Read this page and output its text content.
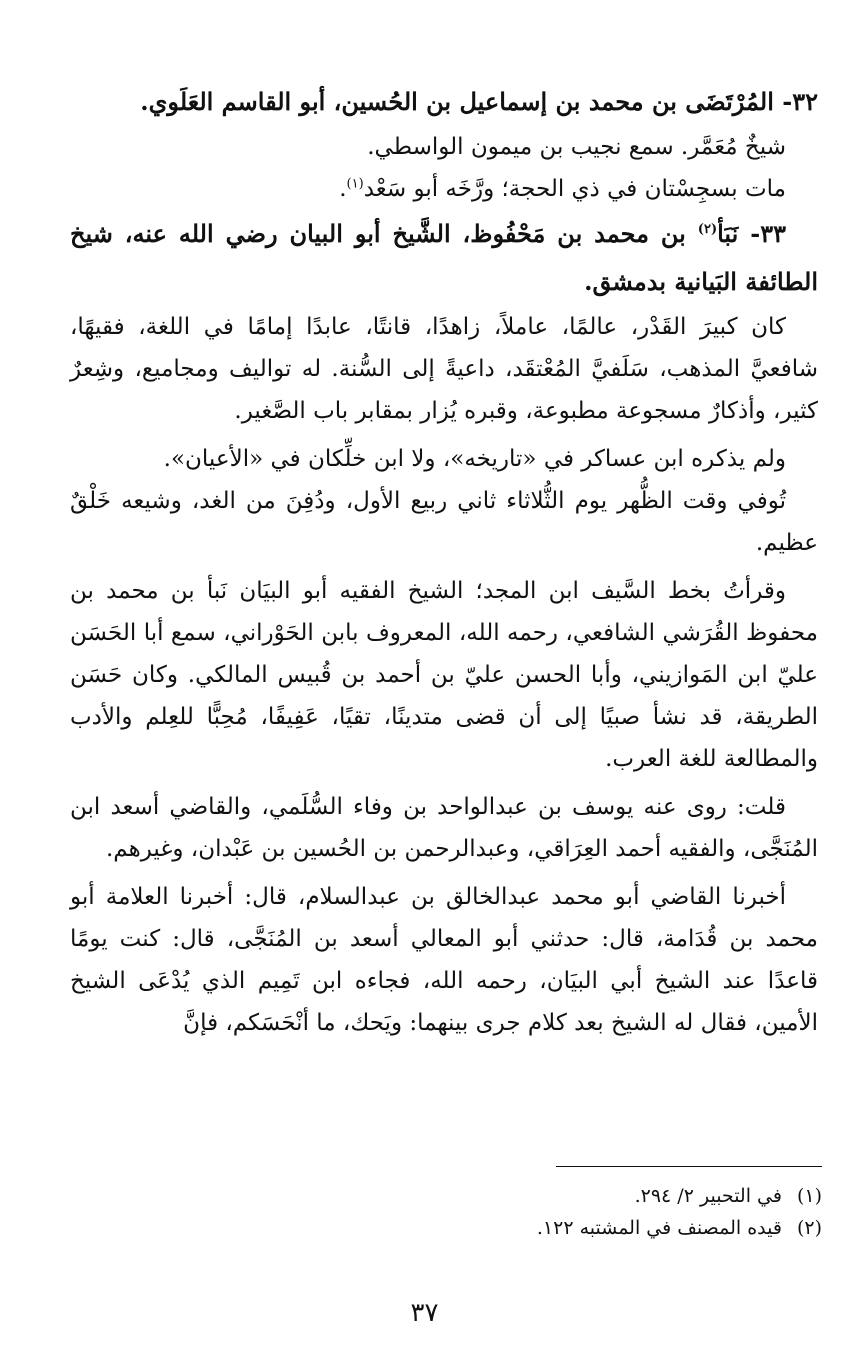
٣٢- المُرْتَضَى بن محمد بن إسماعيل بن الحُسين، أبو القاسم العَلَوي.

شيخٌ مُعَمَّر. سمع نجيب بن ميمون الواسطي.

مات بسجِسْتان في ذي الحجة؛ ورَّخَه أبو سَعْد$^{(١)}$.

٣٣- نَبَأ$^{(٢)}$ بن محمد بن مَحْفُوظ، الشَّيخ أبو البيان رضي الله عنه، شيخ الطائفة البَيانية بدمشق.

كان كبيرَ القَدْر، عالمًا، عاملاً، زاهدًا، قانتًا، عابدًا إمامًا في اللغة، فقيهًا، شافعيَّ المذهب، سَلَفيَّ المُعْتقَد، داعيةً إلى السُّنة. له تواليف ومجاميع، وشِعرٌ كثير، وأذكارٌ مسجوعة مطبوعة، وقبره يُزار بمقابر باب الصَّغير.

ولم يذكره ابن عساكر في «تاريخه»، ولا ابن خلِّكان في «الأعيان».

تُوفي وقت الظُّهر يوم الثُّلاثاء ثاني ربيع الأول، ودُفِنَ من الغد، وشيعه خَلْقٌ عظيم.

وقرأتُ بخط السَّيف ابن المجد؛ الشيخ الفقيه أبو البيَان نَبأ بن محمد بن محفوظ القُرَشي الشافعي، رحمه الله، المعروف بابن الحَوْراني، سمع أبا الحَسَن عليّ ابن المَوازيني، وأبا الحسن عليّ بن أحمد بن قُبيس المالكي. وكان حَسَن الطريقة، قد نشأ صبيًا إلى أن قضى متدينًا، تقيًا، عَفِيفًا، مُحِبًّا للعِلم والأدب والمطالعة للغة العرب.

قلت: روى عنه يوسف بن عبدالواحد بن وفاء السُّلَمي، والقاضي أسعد ابن المُنَجَّى، والفقيه أحمد العِرَاقي، وعبدالرحمن بن الحُسين بن عَبْدان، وغيرهم.

أخبرنا القاضي أبو محمد عبدالخالق بن عبدالسلام، قال: أخبرنا العلامة أبو محمد بن قُدَامة، قال: حدثني أبو المعالي أسعد بن المُنَجَّى، قال: كنت يومًا قاعدًا عند الشيخ أبي البيَان، رحمه الله، فجاءه ابن تَمِيم الذي يُدْعَى الشيخ الأمين، فقال له الشيخ بعد كلام جرى بينهما: ويَحك، ما أنْحَسَكم، فإنَّ

(١) في التحبير ٢/ ٢٩٤.
(٢) قيده المصنف في المشتبه ١٢٢.
٣٧
